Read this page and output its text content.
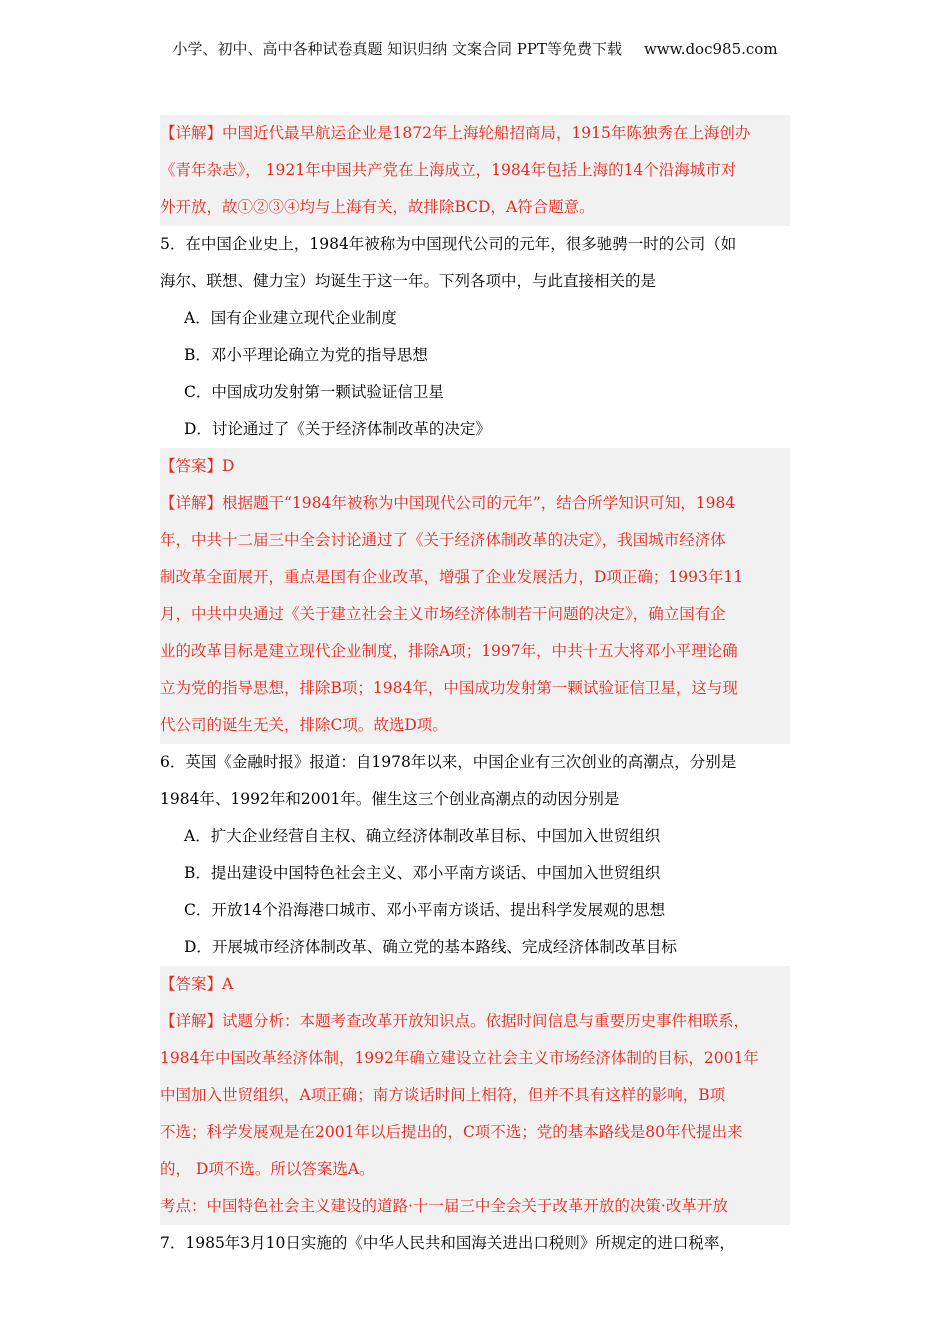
小学、初中、高中各种试卷真题 知识归纳 文案合同 PPT等免费下载 www.doc985.com
【详解】中国近代最早航运企业是1872年上海轮船招商局，1915年陈独秀在上海创办
《青年杂志》， 1921年中国共产党在上海成立，1984年包括上海的14个沿海城市对
外开放，故①②③④均与上海有关，故排除BCD，A符合题意。
5．在中国企业史上，1984年被称为中国现代公司的元年，很多驰骋一时的公司（如
海尔、联想、健力宝）均诞生于这一年。下列各项中，与此直接相关的是
A．国有企业建立现代企业制度
B．邓小平理论确立为党的指导思想
C．中国成功发射第一颗试验证信卫星
D．讨论通过了《关于经济体制改革的决定》
【答案】D
【详解】根据题干“1984年被称为中国现代公司的元年”，结合所学知识可知，1984
年，中共十二届三中全会讨论通过了《关于经济体制改革的决定》，我国城市经济体
制改革全面展开，重点是国有企业改革，增强了企业发展活力，D项正确；1993年11
月，中共中央通过《关于建立社会主义市场经济体制若干问题的决定》，确立国有企
业的改革目标是建立现代企业制度，排除A项；1997年，中共十五大将邓小平理论确
立为党的指导思想，排除B项；1984年，中国成功发射第一颗试验证信卫星，这与现
代公司的诞生无关，排除C项。故选D项。
6．英国《金融时报》报道：自1978年以来，中国企业有三次创业的高潮点，分别是
1984年、1992年和2001年。催生这三个创业高潮点的动因分别是
A．扩大企业经营自主权、确立经济体制改革目标、中国加入世贸组织
B．提出建设中国特色社会主义、邓小平南方谈话、中国加入世贸组织
C．开放14个沿海港口城市、邓小平南方谈话、提出科学发展观的思想
D．开展城市经济体制改革、确立党的基本路线、完成经济体制改革目标
【答案】A
【详解】试题分析：本题考查改革开放知识点。依据时间信息与重要历史事件相联系，
1984年中国改革经济体制，1992年确立建设立社会主义市场经济体制的目标，2001年
中国加入世贸组织，A项正确；南方谈话时间上相符，但并不具有这样的影响，B项
不选；科学发展观是在2001年以后提出的，C项不选；党的基本路线是80年代提出来
的， D项不选。所以答案选A。
考点：中国特色社会主义建设的道路·十一届三中全会关于改革开放的决策·改革开放
7．1985年3月10日实施的《中华人民共和国海关进出口税则》所规定的进口税率，
